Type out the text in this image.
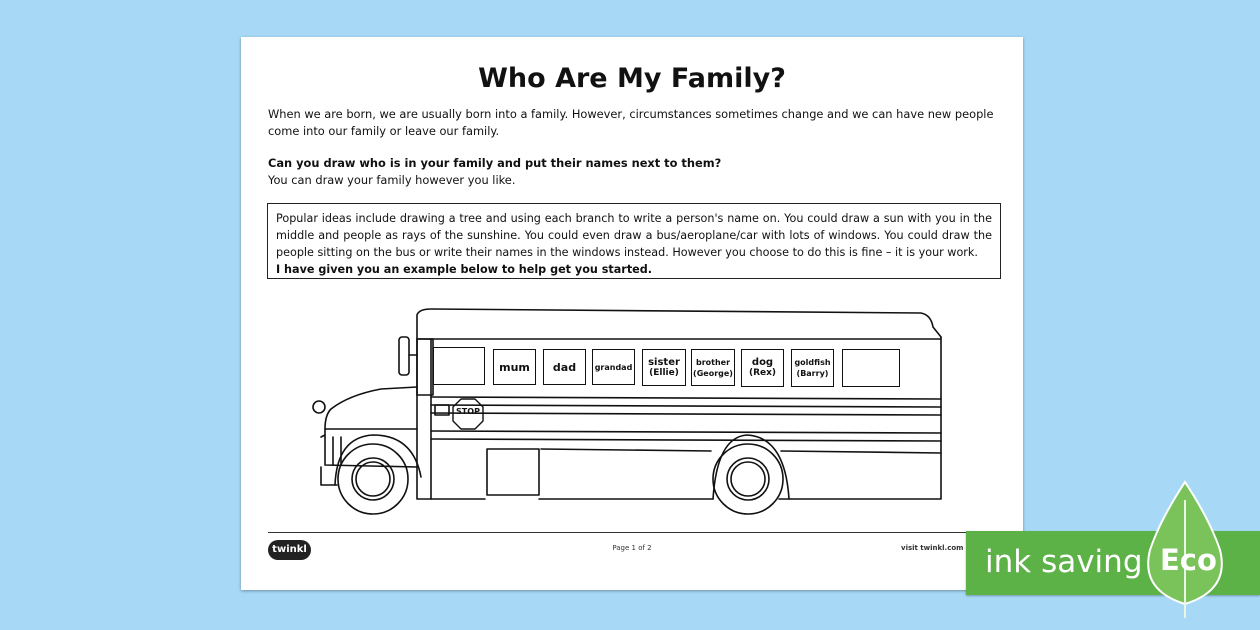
Who Are My Family?
When we are born, we are usually born into a family. However, circumstances sometimes change and we can have new people come into our family or leave our family.
Can you draw who is in your family and put their names next to them?
You can draw your family however you like.
Popular ideas include drawing a tree and using each branch to write a person's name on. You could draw a sun with you in the middle and people as rays of the sunshine. You could even draw a bus/aeroplane/car with lots of windows. You could draw the people sitting on the bus or write their names in the windows instead. However you choose to do this is fine – it is your work.
I have given you an example below to help get you started.
STOP
mum dad grandad sister
(Ellie)
brother
(George)
dog
(Rex)
goldfish
(Barry)
twinkl	Page 1 of 2	visit twinkl.com ink saving Eco
